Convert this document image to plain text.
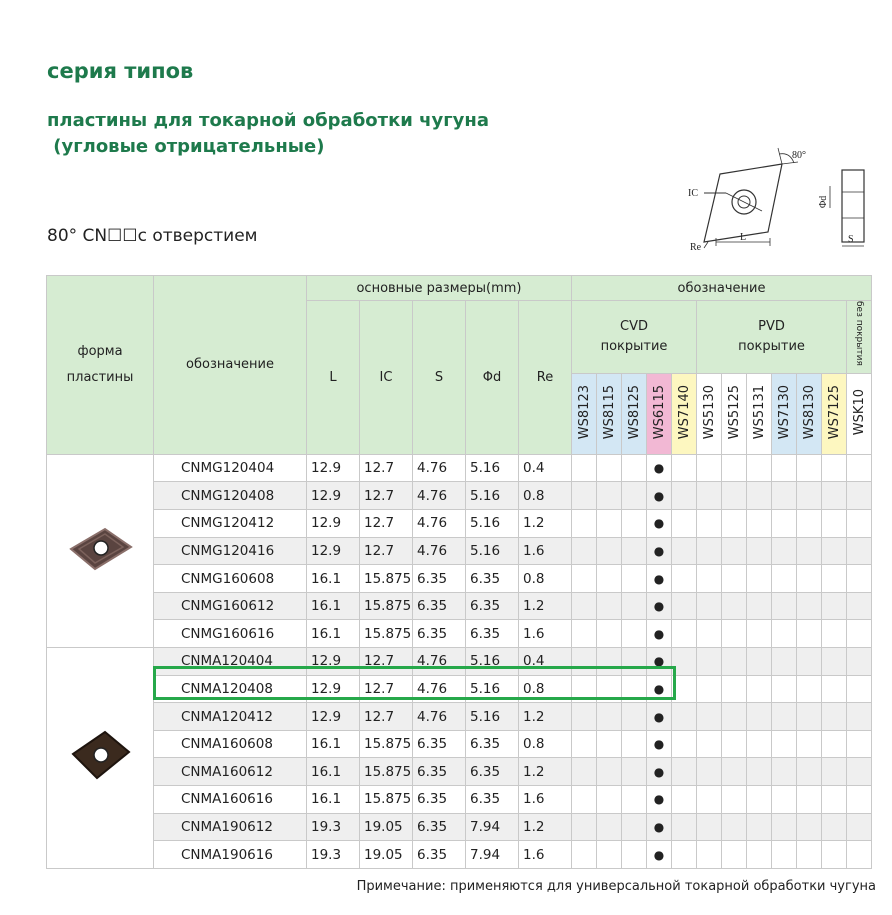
серия типов
пластины для токарной обработки чугуна
(угловые отрицательные)
80° CN☐☐с отверстием
IC
Re
L
80°
Φd
S
форма пластины	обозначение	основные размеры(mm)					обозначение											
		L	IC	S	Φd	Re	CVD покрытие					PVD покрытие						без покрытия
							WS8123	WS8115	WS8125	WS6115	WS7140	WS5130	WS5125	WS5131	WS7130	WS8130	WS7125	WSK10
	CNMG120404	12.9	12.7	4.76	5.16	0.4				●								
	CNMG120408	12.9	12.7	4.76	5.16	0.8				●								
	CNMG120412	12.9	12.7	4.76	5.16	1.2				●								
	CNMG120416	12.9	12.7	4.76	5.16	1.6				●								
	CNMG160608	16.1	15.875	6.35	6.35	0.8				●								
	CNMG160612	16.1	15.875	6.35	6.35	1.2				●								
	CNMG160616	16.1	15.875	6.35	6.35	1.6				●								
	CNMA120404	12.9	12.7	4.76	5.16	0.4				●								
	CNMA120408	12.9	12.7	4.76	5.16	0.8				●								
	CNMA120412	12.9	12.7	4.76	5.16	1.2				●								
	CNMA160608	16.1	15.875	6.35	6.35	0.8				●								
	CNMA160612	16.1	15.875	6.35	6.35	1.2				●								
	CNMA160616	16.1	15.875	6.35	6.35	1.6				●								
	CNMA190612	19.3	19.05	6.35	7.94	1.2				●								
	CNMA190616	19.3	19.05	6.35	7.94	1.6				●								
Примечание: применяются для универсальной токарной обработки чугуна
